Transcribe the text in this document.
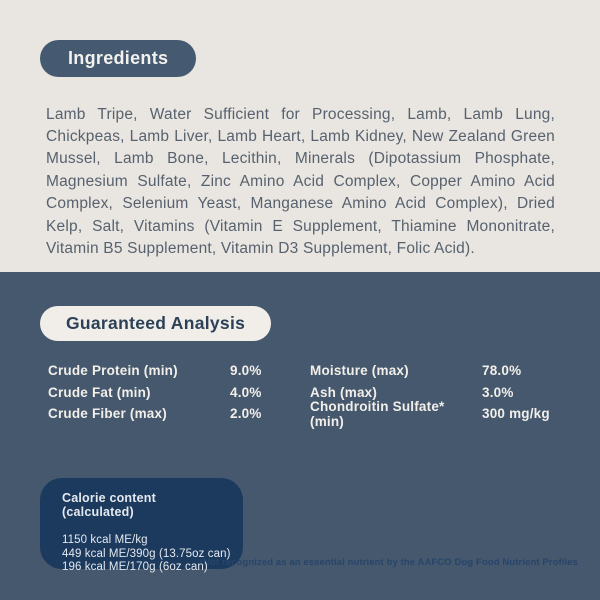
Ingredients

Lamb Tripe, Water Sufficient for Processing, Lamb, Lamb Lung, Chickpeas, Lamb Liver, Lamb Heart, Lamb Kidney, New Zealand Green Mussel, Lamb Bone, Lecithin, Minerals (Dipotassium Phosphate, Magnesium Sulfate, Zinc Amino Acid Complex, Copper Amino Acid Complex, Selenium Yeast, Manganese Amino Acid Complex), Dried Kelp, Salt, Vitamins (Vitamin E Supplement, Thiamine Mononitrate, Vitamin B5 Supplement, Vitamin D3 Supplement, Folic Acid).

Guaranteed Analysis
Crude Protein (min)	9.0%	Moisture (max)	78.0%
Crude Fat (min)	4.0%	Ash (max)	3.0%
Crude Fiber (max)	2.0%	Chondroitin Sulfate* (min)	300 mg/kg
Calorie content (calculated)
1150 kcal ME/kg
449 kcal ME/390g (13.75oz can)
196 kcal ME/170g (6oz can)
*Not recognized as an essential nutrient by the AAFCO Dog Food Nutrient Profiles
